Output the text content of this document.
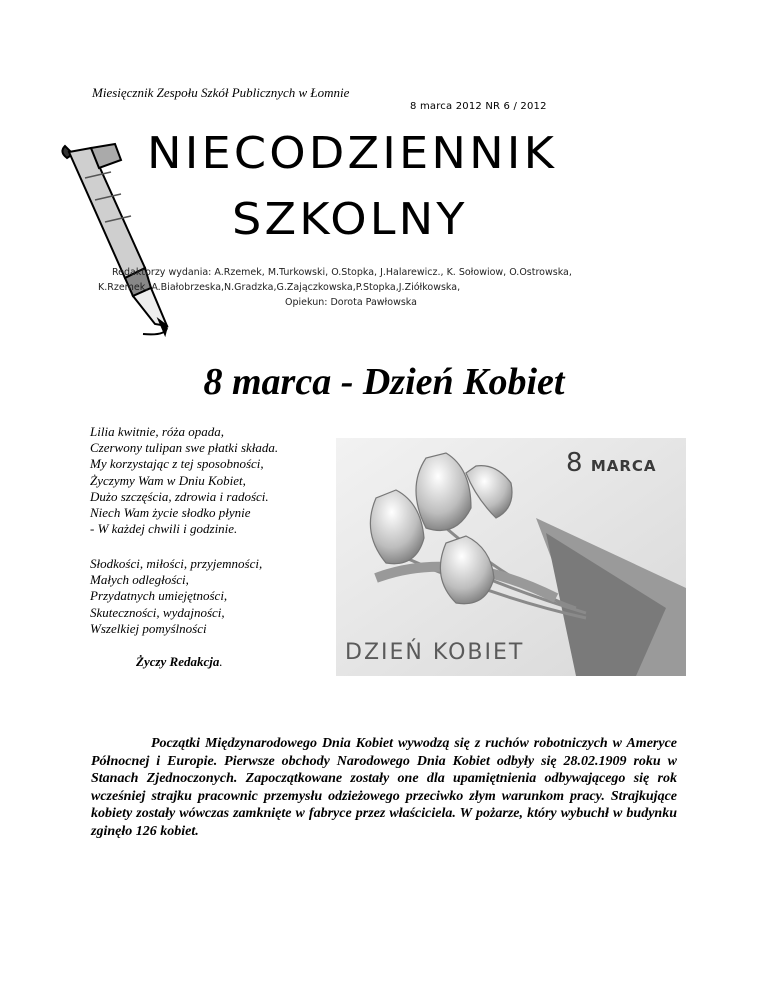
Miesięcznik Zespołu Szkół Publicznych w Łomnie
8 marca 2012 NR 6 / 2012
NIECODZIENNIK
SZKOLNY
Redaktorzy wydania: A.Rzemek, M.Turkowski, O.Stopka, J.Halarewicz., K. Sołowiow, O.Ostrowska,
K.Rzemek, A.Białobrzeska,N.Gradzka,G.Zajączkowska,P.Stopka,J.Ziółkowska,
Opiekun: Dorota Pawłowska
8 marca - Dzień Kobiet
Lilia kwitnie, róża opada,
Czerwony tulipan swe płatki składa.
My korzystając z tej sposobności,
Życzymy Wam w Dniu Kobiet,
Dużo szczęścia, zdrowia i radości.
Niech Wam życie słodko płynie
- W każdej chwili i godzinie.
Słodkości, miłości, przyjemności,
Małych odległości,
Przydatnych umiejętności,
Skuteczności, wydajności,
Wszelkiej pomyślności
Życzy Redakcja.
8 MARCA
DZIEŃ KOBIET
Początki Międzynarodowego Dnia Kobiet wywodzą się z ruchów robotniczych w Ameryce Północnej i Europie. Pierwsze obchody Narodowego Dnia Kobiet odbyły się 28.02.1909 roku w Stanach Zjednoczonych. Zapoczątkowane zostały one dla upamiętnienia odbywającego się rok wcześniej strajku pracownic przemysłu odzieżowego przeciwko złym warunkom pracy. Strajkujące kobiety zostały wówczas zamknięte w fabryce przez właściciela. W pożarze, który wybuchł w budynku zginęło 126 kobiet.
